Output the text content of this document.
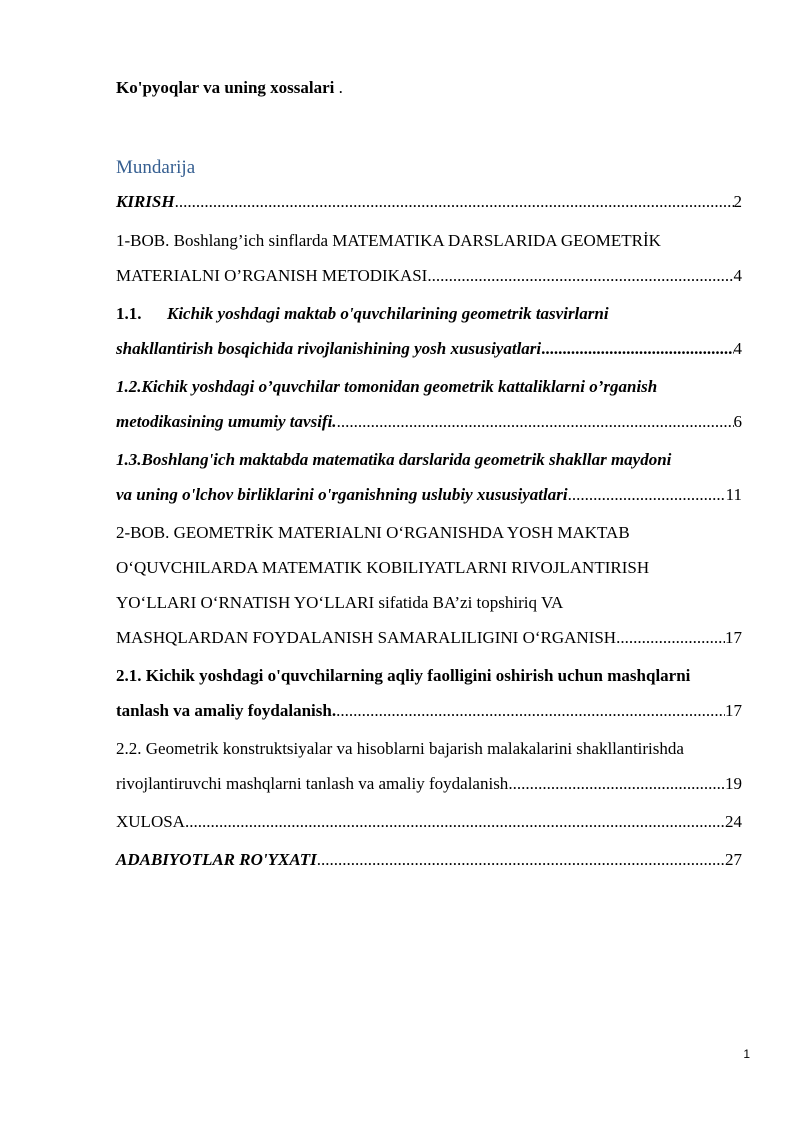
Ko'pyoqlar va uning xossalari .
Mundarija
KIRISH .....	2
1-BOB. Boshlang’ich sinflarda MATEMATIKA DARSLARIDA GEOMETRİK
MATERIALNI O’RGANISH METODIKASI .....	4
1.1. Kichik yoshdagi maktab o'quvchilarining geometrik tasvirlarni
shakllantirish bosqichida rivojlanishining yosh xususiyatlari .....	4
1.2.Kichik yoshdagi o’quvchilar tomonidan geometrik kattaliklarni o’rganish
metodikasining umumiy tavsifi. .....	6
1.3.Boshlang'ich maktabda matematika darslarida geometrik shakllar maydoni
va uning o'lchov birliklarini o'rganishning uslubiy xususiyatlari .....	11
2-BOB. GEOMETRİK MATERIALNI O‘RGANISHDA YOSH MAKTAB
O‘QUVCHILARDA MATEMATIK KOBILIYATLARNI RIVOJLANTIRISH
YO‘LLARI O‘RNATISH YO‘LLARI sifatida BA’zi topshiriq VA
MASHQLARDAN FOYDALANISH SAMARALILIGINI O‘RGANISH .....	17
2.1. Kichik yoshdagi o'quvchilarning aqliy faolligini oshirish uchun mashqlarni
tanlash va amaliy foydalanish. .....	17
2.2. Geometrik konstruktsiyalar va hisoblarni bajarish malakalarini shakllantirishda
rivojlantiruvchi mashqlarni tanlash va amaliy foydalanish .....	19
XULOSA .....	24
ADABIYOTLAR RO'YXATI .....	27
1
